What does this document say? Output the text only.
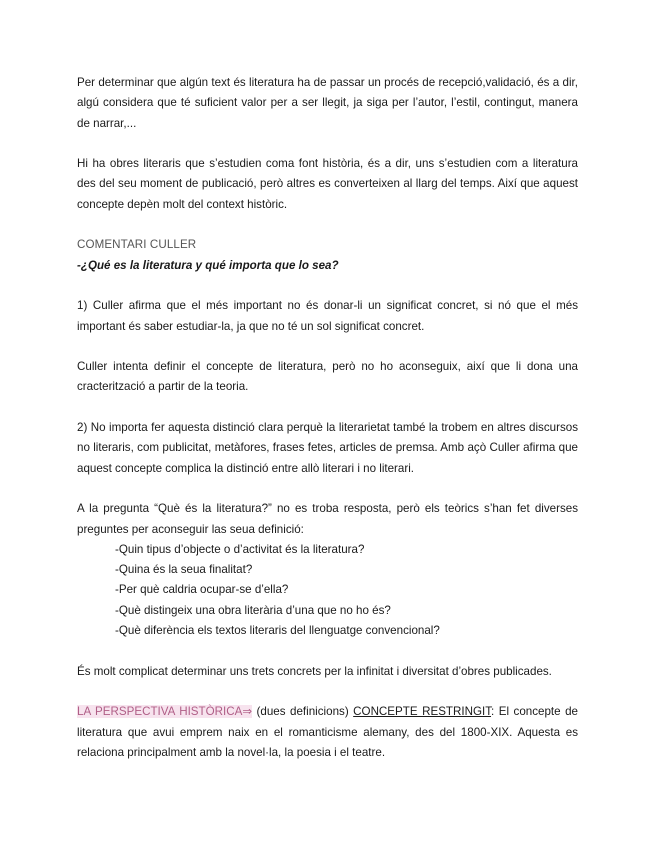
Per determinar que algún text és literatura ha de passar un procés de recepció,validació, és a dir, algú considera que té suficient valor per a ser llegit, ja siga per l’autor, l’estil, contingut, manera de narrar,...

Hi ha obres literaris que s’estudien coma font història, és a dir, uns s’estudien com a literatura des del seu moment de publicació, però altres es converteixen al llarg del temps. Així que aquest concepte depèn molt del context històric.

COMENTARI CULLER

-¿Qué es la literatura y qué importa que lo sea?

1) Culler afirma que el més important no és donar-li un significat concret, si nó que el més important és saber estudiar-la, ja que no té un sol significat concret.

Culler intenta definir el concepte de literatura, però no ho aconseguix, així que li dona una cracterització a partir de la teoria.

2) No importa fer aquesta distinció clara perquè la literarietat també la trobem en altres discursos no literaris, com publicitat, metàfores, frases fetes, articles de premsa. Amb açò Culler afirma que aquest concepte complica la distinció entre allò literari i no literari.

A la pregunta “Què és la literatura?” no es troba resposta, però els teòrics s’han fet diverses preguntes per aconseguir las seua definició:

-Quin tipus d’objecte o d’activitat és la literatura?
-Quina és la seua finalitat?
-Per què caldria ocupar-se d’ella?
-Què distingeix una obra literària d’una que no ho és?
-Què diferència els textos literaris del llenguatge convencional?

És molt complicat determinar uns trets concrets per la infinitat i diversitat d’obres publicades.

LA PERSPECTIVA HISTÒRICA⇒ (dues definicions) CONCEPTE RESTRINGIT: El concepte de literatura que avui emprem naix en el romanticisme alemany, des del 1800-XIX. Aquesta es relaciona principalment amb la novel·la, la poesia i el teatre.
